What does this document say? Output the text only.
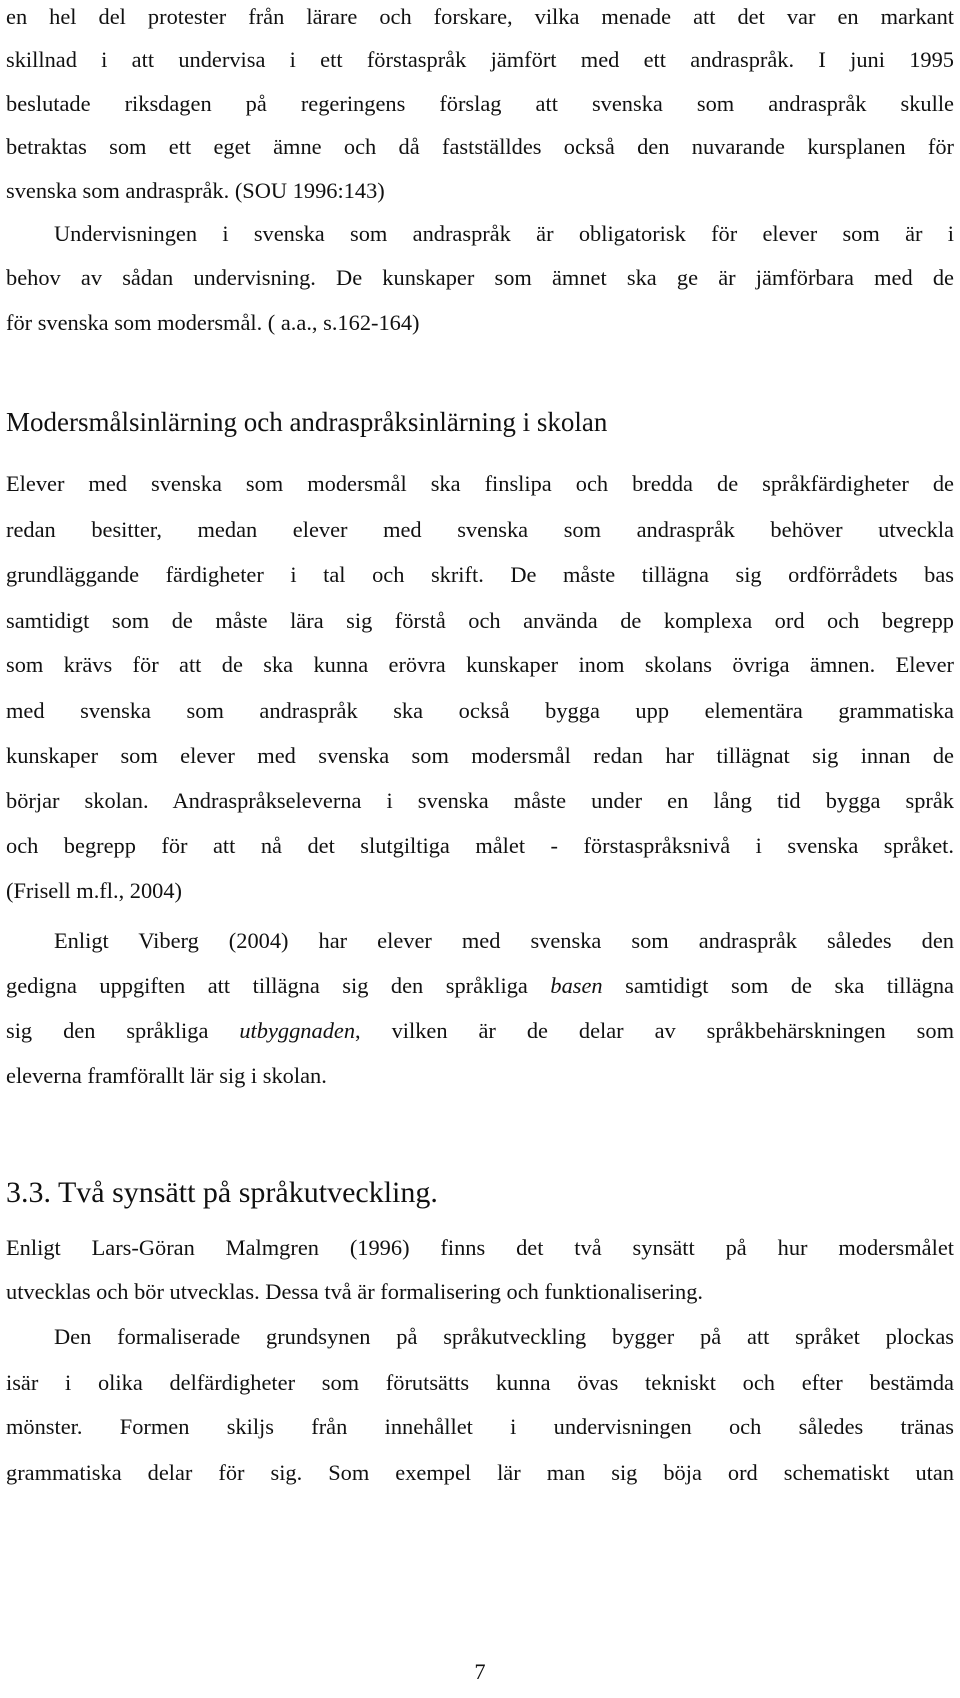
en hel del protester från lärare och forskare, vilka menade att det var en markant
skillnad i att undervisa i ett förstaspråk jämfört med ett andraspråk. I juni 1995
beslutade riksdagen på regeringens förslag att svenska som andraspråk skulle
betraktas som ett eget ämne och då fastställdes också den nuvarande kursplanen för
svenska som andraspråk. (SOU 1996:143)
Undervisningen i svenska som andraspråk är obligatorisk för elever som är i
behov av sådan undervisning. De kunskaper som ämnet ska ge är jämförbara med de
för svenska som modersmål. ( a.a., s.162-164)
Modersmålsinlärning och andraspråksinlärning i skolan
Elever med svenska som modersmål ska finslipa och bredda de språkfärdigheter de
redan besitter, medan elever med svenska som andraspråk behöver utveckla
grundläggande färdigheter i tal och skrift. De måste tillägna sig ordförrådets bas
samtidigt som de måste lära sig förstå och använda de komplexa ord och begrepp
som krävs för att de ska kunna erövra kunskaper inom skolans övriga ämnen. Elever
med svenska som andraspråk ska också bygga upp elementära grammatiska
kunskaper som elever med svenska som modersmål redan har tillägnat sig innan de
börjar skolan. Andraspråkseleverna i svenska måste under en lång tid bygga språk
och begrepp för att nå det slutgiltiga målet - förstaspråksnivå i svenska språket.
(Frisell m.fl., 2004)
Enligt Viberg (2004) har elever med svenska som andraspråk således den
gedigna uppgiften att tillägna sig den språkliga basen samtidigt som de ska tillägna
sig den språkliga utbyggnaden, vilken är de delar av språkbehärskningen som
eleverna framförallt lär sig i skolan.
3.3. Två synsätt på språkutveckling.
Enligt Lars-Göran Malmgren (1996) finns det två synsätt på hur modersmålet
utvecklas och bör utvecklas. Dessa två är formalisering och funktionalisering.
Den formaliserade grundsynen på språkutveckling bygger på att språket plockas
isär i olika delfärdigheter som förutsätts kunna övas tekniskt och efter bestämda
mönster. Formen skiljs från innehållet i undervisningen och således tränas
grammatiska delar för sig. Som exempel lär man sig böja ord schematiskt utan
7
